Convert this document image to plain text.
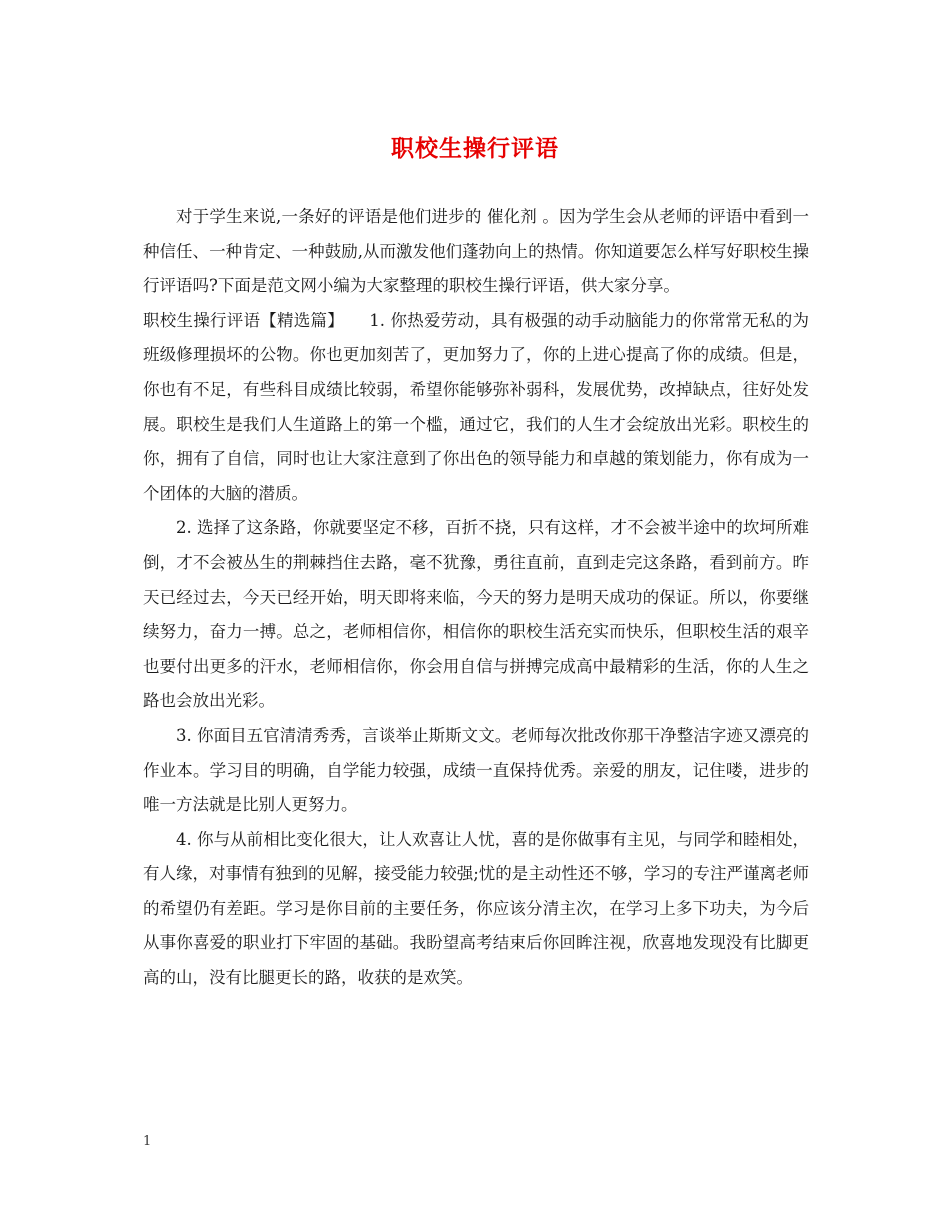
职校生操行评语

对于学生来说,一条好的评语是他们进步的 催化剂 。因为学生会从老师的评语中看到一种信任、一种肯定、一种鼓励,从而激发他们蓬勃向上的热情。你知道要怎么样写好职校生操行评语吗?下面是范文网小编为大家整理的职校生操行评语，供大家分享。

职校生操行评语【精选篇】　　 1. 你热爱劳动，具有极强的动手动脑能力的你常常无私的为班级修理损坏的公物。你也更加刻苦了，更加努力了，你的上进心提高了你的成绩。但是，你也有不足，有些科目成绩比较弱，希望你能够弥补弱科，发展优势，改掉缺点，往好处发展。职校生是我们人生道路上的第一个槛，通过它，我们的人生才会绽放出光彩。职校生的你，拥有了自信，同时也让大家注意到了你出色的领导能力和卓越的策划能力，你有成为一个团体的大脑的潜质。

2. 选择了这条路，你就要坚定不移，百折不挠，只有这样，才不会被半途中的坎坷所难倒，才不会被丛生的荆棘挡住去路，毫不犹豫，勇往直前，直到走完这条路，看到前方。昨天已经过去，今天已经开始，明天即将来临，今天的努力是明天成功的保证。所以，你要继续努力，奋力一搏。总之，老师相信你，相信你的职校生活充实而快乐，但职校生活的艰辛也要付出更多的汗水，老师相信你，你会用自信与拼搏完成高中最精彩的生活，你的人生之路也会放出光彩。

3. 你面目五官清清秀秀，言谈举止斯斯文文。老师每次批改你那干净整洁字迹又漂亮的作业本。学习目的明确，自学能力较强，成绩一直保持优秀。亲爱的朋友，记住喽，进步的唯一方法就是比别人更努力。

4. 你与从前相比变化很大，让人欢喜让人忧，喜的是你做事有主见，与同学和睦相处，有人缘，对事情有独到的见解，接受能力较强;忧的是主动性还不够，学习的专注严谨离老师的希望仍有差距。学习是你目前的主要任务，你应该分清主次，在学习上多下功夫，为今后从事你喜爱的职业打下牢固的基础。我盼望高考结束后你回眸注视，欣喜地发现没有比脚更高的山，没有比腿更长的路，收获的是欢笑。

1
